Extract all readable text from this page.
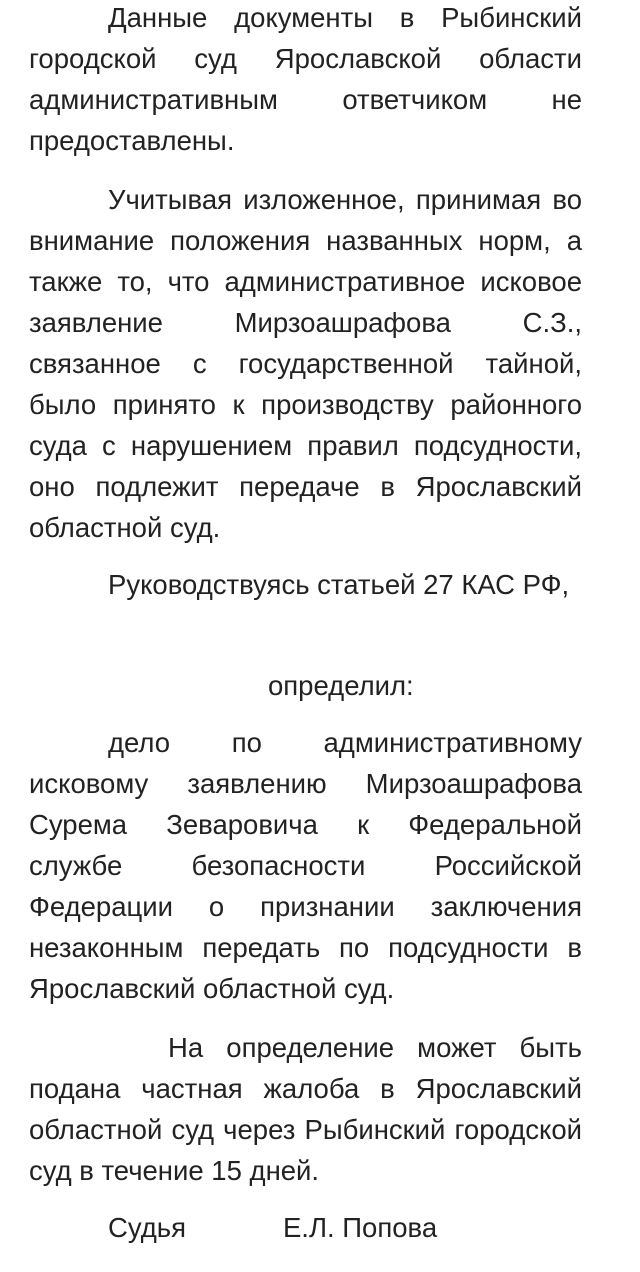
Данные документы в Рыбинский городской суд Ярославской области административным ответчиком не предоставлены.

Учитывая изложенное, принимая во внимание положения названных норм, а также то, что административное исковое заявление Мирзоашрафова С.З., связанное с государственной тайной, было принято к производству районного суда с нарушением правил подсудности, оно подлежит передаче в Ярославский областной суд.

Руководствуясь статьей 27 КАС РФ,

определил:

дело по административному исковому заявлению Мирзоашрафова Сурема Зеваровича к Федеральной службе безопасности Российской Федерации о признании заключения незаконным передать по подсудности в Ярославский областной суд.

На определение может быть подана частная жалоба в Ярославский областной суд через Рыбинский городской суд в течение 15 дней.

Судья	Е.Л. Попова
